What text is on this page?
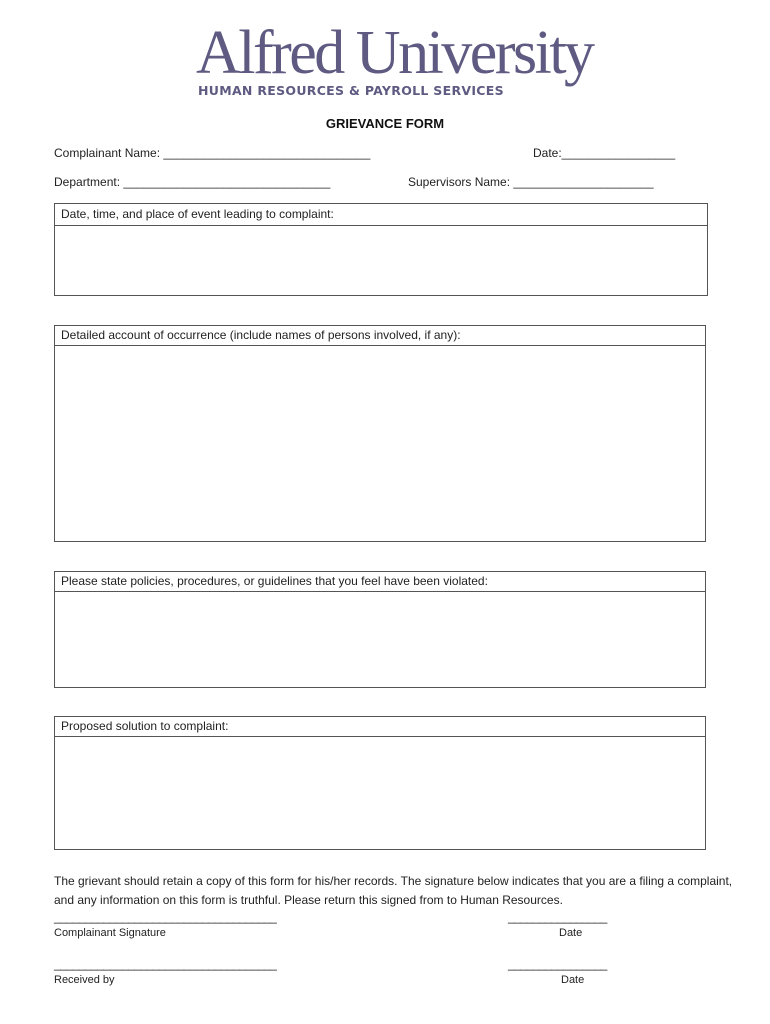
Alfred University
HUMAN RESOURCES & PAYROLL SERVICES
GRIEVANCE FORM
Complainant Name: _______________________________	Date:_________________
Department: _______________________________	Supervisors Name: _____________________
Date, time, and place of event leading to complaint:
Detailed account of occurrence (include names of persons involved, if any):
Please state policies, procedures, or guidelines that you feel have been violated:
Proposed solution to complaint:
The grievant should retain a copy of this form for his/her records. The signature below indicates that you are a filing a complaint, and any information on this form is truthful. Please return this signed from to Human Resources.
____________________________________	________________
Complainant Signature	Date
____________________________________	________________
Received by	Date
